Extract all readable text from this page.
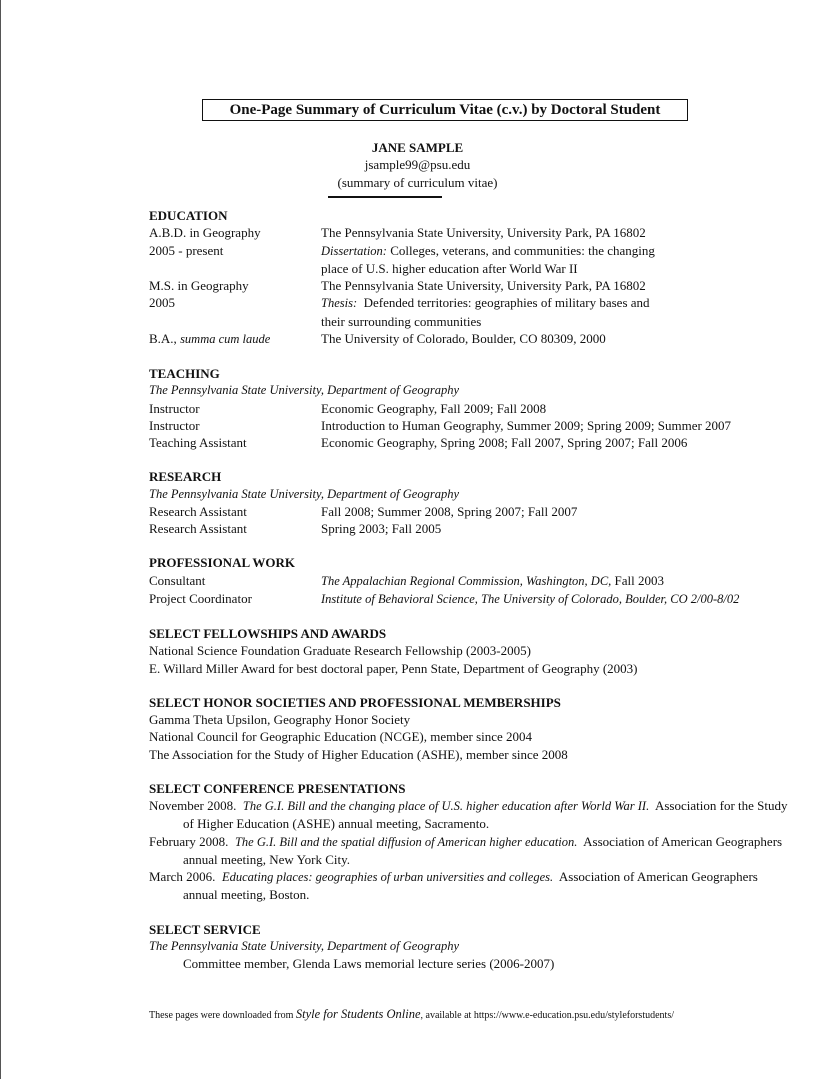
One-Page Summary of Curriculum Vitae (c.v.) by Doctoral Student
JANE SAMPLE
jsample99@psu.edu
(summary of curriculum vitae)
EDUCATION
A.B.D. in Geography	The Pennsylvania State University, University Park, PA 16802
2005 - present	Dissertation: Colleges, veterans, and communities: the changing
place of U.S. higher education after World War II
M.S. in Geography	The Pennsylvania State University, University Park, PA 16802
2005	Thesis:  Defended territories: geographies of military bases and
their surrounding communities
B.A., summa cum laude	The University of Colorado, Boulder, CO 80309, 2000
TEACHING
The Pennsylvania State University, Department of Geography
Instructor	Economic Geography, Fall 2009; Fall 2008
Instructor	Introduction to Human Geography, Summer 2009; Spring 2009; Summer 2007
Teaching Assistant	Economic Geography, Spring 2008; Fall 2007, Spring 2007; Fall 2006
RESEARCH
The Pennsylvania State University, Department of Geography
Research Assistant	Fall 2008; Summer 2008, Spring 2007; Fall 2007
Research Assistant	Spring 2003; Fall 2005
PROFESSIONAL WORK
Consultant	The Appalachian Regional Commission, Washington, DC, Fall 2003
Project Coordinator	Institute of Behavioral Science, The University of Colorado, Boulder, CO 2/00-8/02
SELECT FELLOWSHIPS AND AWARDS
National Science Foundation Graduate Research Fellowship (2003-2005)
E. Willard Miller Award for best doctoral paper, Penn State, Department of Geography (2003)
SELECT HONOR SOCIETIES AND PROFESSIONAL MEMBERSHIPS
Gamma Theta Upsilon, Geography Honor Society
National Council for Geographic Education (NCGE), member since 2004
The Association for the Study of Higher Education (ASHE), member since 2008
SELECT CONFERENCE PRESENTATIONS
November 2008.  The G.I. Bill and the changing place of U.S. higher education after World War II.  Association for the Study of Higher Education (ASHE) annual meeting, Sacramento.
February 2008.  The G.I. Bill and the spatial diffusion of American higher education.  Association of American Geographers annual meeting, New York City.
March 2006.  Educating places: geographies of urban universities and colleges.  Association of American Geographers annual meeting, Boston.
SELECT SERVICE
The Pennsylvania State University, Department of Geography
Committee member, Glenda Laws memorial lecture series (2006-2007)
These pages were downloaded from Style for Students Online, available at https://www.e-education.psu.edu/styleforstudents/
